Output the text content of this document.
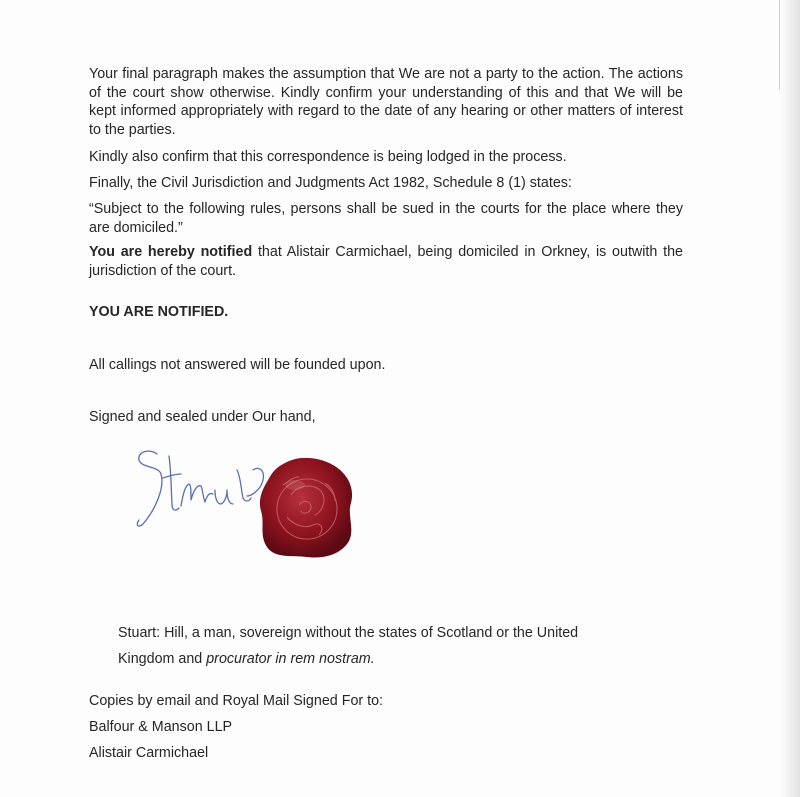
Your final paragraph makes the assumption that We are not a party to the action. The actions of the court show otherwise. Kindly confirm your understanding of this and that We will be kept informed appropriately with regard to the date of any hearing or other matters of interest to the parties.

Kindly also confirm that this correspondence is being lodged in the process.

Finally, the Civil Jurisdiction and Judgments Act 1982, Schedule 8 (1) states:

“Subject to the following rules, persons shall be sued in the courts for the place where they are domiciled.”

You are hereby notified that Alistair Carmichael, being domiciled in Orkney, is outwith the jurisdiction of the court.

YOU ARE NOTIFIED.

All callings not answered will be founded upon.

Signed and sealed under Our hand,

Stuart: Hill, a man, sovereign without the states of Scotland or the United

Kingdom and procurator in rem nostram.

Copies by email and Royal Mail Signed For to:

Balfour & Manson LLP

Alistair Carmichael
